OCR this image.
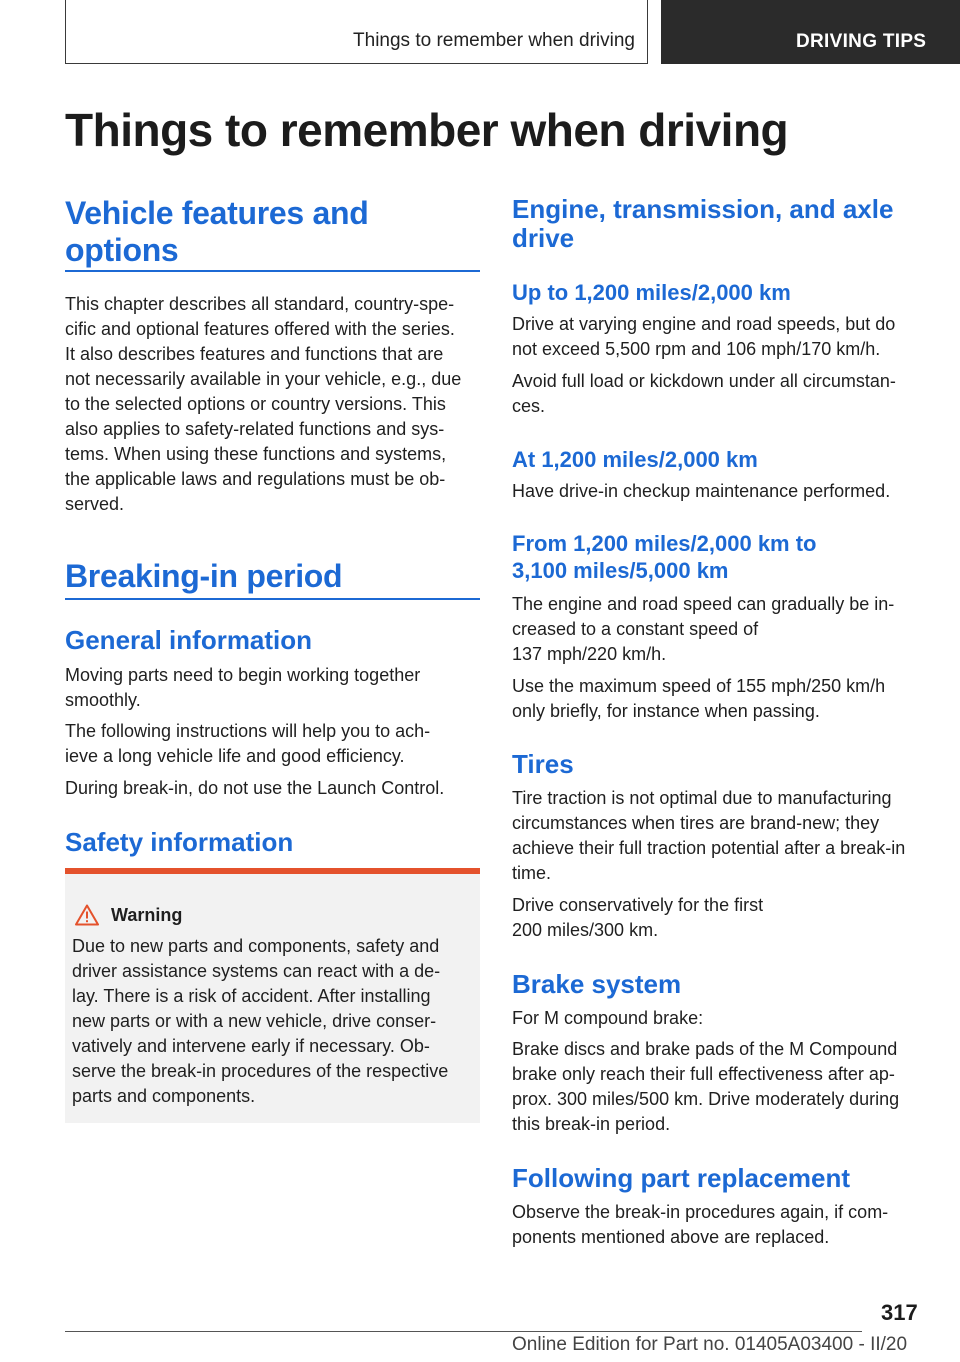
Things to remember when driving	DRIVING TIPS
Things to remember when driving
Vehicle features and
options

This chapter describes all standard, country-spe-
cific and optional features offered with the series.
It also describes features and functions that are
not necessarily available in your vehicle, e.g., due
to the selected options or country versions. This
also applies to safety-related functions and sys-
tems. When using these functions and systems,
the applicable laws and regulations must be ob-
served.

Breaking-in period
General information

Moving parts need to begin working together
smoothly.

The following instructions will help you to ach-
ieve a long vehicle life and good efficiency.

During break-in, do not use the Launch Control.

Safety information
Warning

Due to new parts and components, safety and
driver assistance systems can react with a de-
lay. There is a risk of accident. After installing
new parts or with a new vehicle, drive conser-
vatively and intervene early if necessary. Ob-
serve the break-in procedures of the respective
parts and components.

Engine, transmission, and axle
drive
Up to 1,200 miles/2,000 km

Drive at varying engine and road speeds, but do
not exceed 5,500 rpm and 106 mph/170 km/h.

Avoid full load or kickdown under all circumstan-
ces.

At 1,200 miles/2,000 km

Have drive-in checkup maintenance performed.

From 1,200 miles/2,000 km to
3,100 miles/5,000 km

The engine and road speed can gradually be in-
creased to a constant speed of
137 mph/220 km/h.

Use the maximum speed of 155 mph/250 km/h
only briefly, for instance when passing.

Tires

Tire traction is not optimal due to manufacturing
circumstances when tires are brand-new; they
achieve their full traction potential after a break-in
time.

Drive conservatively for the first
200 miles/300 km.

Brake system

For M compound brake:

Brake discs and brake pads of the M Compound
brake only reach their full effectiveness after ap-
prox. 300 miles/500 km. Drive moderately during
this break-in period.

Following part replacement

Observe the break-in procedures again, if com-
ponents mentioned above are replaced.

317
Online Edition for Part no. 01405A03400 - II/20
